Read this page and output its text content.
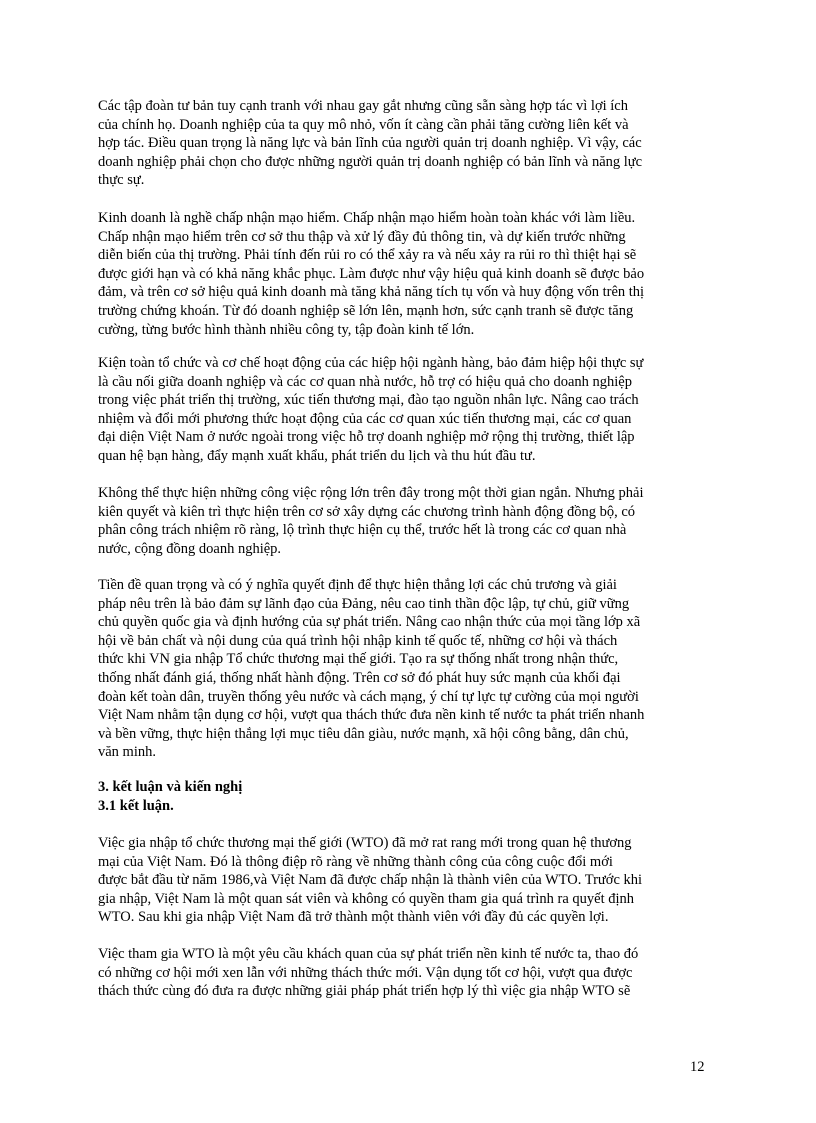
Các tập đoàn tư bản tuy cạnh tranh với nhau gay gắt nhưng cũng sẵn sàng hợp tác vì lợi ích

của chính họ. Doanh nghiệp của ta quy mô nhỏ, vốn ít càng cần phải tăng cường liên kết và

hợp tác. Điều quan trọng là năng lực và bản lĩnh của người quản trị doanh nghiệp. Vì vậy, các

doanh nghiệp phải chọn cho được những người quản trị doanh nghiệp có bản lĩnh và năng lực

thực sự.

Kinh doanh là nghề chấp nhận mạo hiểm. Chấp nhận mạo hiểm hoàn toàn khác với làm liều.

Chấp nhận mạo hiểm trên cơ sở thu thập và xử lý đầy đủ thông tin, và dự kiến trước những

diễn biến của thị trường. Phải tính đến rủi ro có thể xảy ra và nếu xảy ra rủi ro thì thiệt hại sẽ

được giới hạn và có khả năng khắc phục. Làm được như vậy hiệu quả kinh doanh sẽ được bảo

đảm, và trên cơ sở hiệu quả kinh doanh mà tăng khả năng tích tụ vốn và huy động vốn trên thị

trường chứng khoán. Từ đó doanh nghiệp sẽ lớn lên, mạnh hơn, sức cạnh tranh sẽ được tăng

cường, từng bước hình thành nhiều công ty, tập đoàn kinh tế lớn.

Kiện toàn tổ chức và cơ chế hoạt động của các hiệp hội ngành hàng, bảo đảm hiệp hội thực sự

là cầu nối giữa doanh nghiệp và các cơ quan nhà nước, hỗ trợ có hiệu quả cho doanh nghiệp

trong việc phát triển thị trường, xúc tiến thương mại, đào tạo nguồn nhân lực. Nâng cao trách

nhiệm và đổi mới phương thức hoạt động của các cơ quan xúc tiến thương mại, các cơ quan

đại diện Việt Nam ở nước ngoài trong việc hỗ trợ doanh nghiệp mở rộng thị trường, thiết lập

quan hệ bạn hàng, đẩy mạnh xuất khẩu, phát triển du lịch và thu hút đầu tư.

Không thể thực hiện những công việc rộng lớn trên đây trong một thời gian ngắn. Nhưng phải

kiên quyết và kiên trì thực hiện trên cơ sở xây dựng các chương trình hành động đồng bộ, có

phân công trách nhiệm rõ ràng, lộ trình thực hiện cụ thể, trước hết là trong các cơ quan nhà

nước, cộng đồng doanh nghiệp.

Tiền đề quan trọng và có ý nghĩa quyết định để thực hiện thắng lợi các chủ trương và giải

pháp nêu trên là bảo đảm sự lãnh đạo của Đảng, nêu cao tinh thần độc lập, tự chủ, giữ vững

chủ quyền quốc gia và định hướng của sự phát triển. Nâng cao nhận thức của mọi tầng lớp xã

hội về bản chất và nội dung của quá trình hội nhập kinh tế quốc tế, những cơ hội và thách

thức khi VN gia nhập Tổ chức thương mại thế giới. Tạo ra sự thống nhất trong nhận thức,

thống nhất đánh giá, thống nhất hành động. Trên cơ sở đó phát huy sức mạnh của khối đại

đoàn kết toàn dân, truyền thống yêu nước và cách mạng, ý chí tự lực tự cường của mọi người

Việt Nam nhằm tận dụng cơ hội, vượt qua thách thức đưa nền kinh tế nước ta phát triển nhanh

và bền vững, thực hiện thắng lợi mục tiêu dân giàu, nước mạnh, xã hội công bằng, dân chủ,

văn minh.

3. kết luận và kiến nghị

3.1 kết luận.

Việc gia nhập tổ chức thương mại thế giới (WTO) đã mở rat rang mới trong quan hệ thương

mại của Việt Nam. Đó là thông điệp rõ ràng về những thành công của công cuộc đổi mới

được bắt đầu từ năm 1986,và Việt Nam đã được chấp nhận là thành viên của WTO. Trước khi

gia nhập, Việt Nam là một quan sát viên và không có quyền tham gia quá trình ra quyết định

WTO. Sau khi gia nhập Việt Nam đã trở thành một thành viên với đầy đủ các quyền lợi.

Việc tham gia WTO là một yêu cầu khách quan của sự phát triển nền kinh tế nước ta, thao đó

có những cơ hội mới xen lẫn với những thách thức mới. Vận dụng tốt cơ hội, vượt qua được

thách thức cùng đó đưa ra được những giải pháp phát triển hợp lý thì việc gia nhập WTO sẽ

12
